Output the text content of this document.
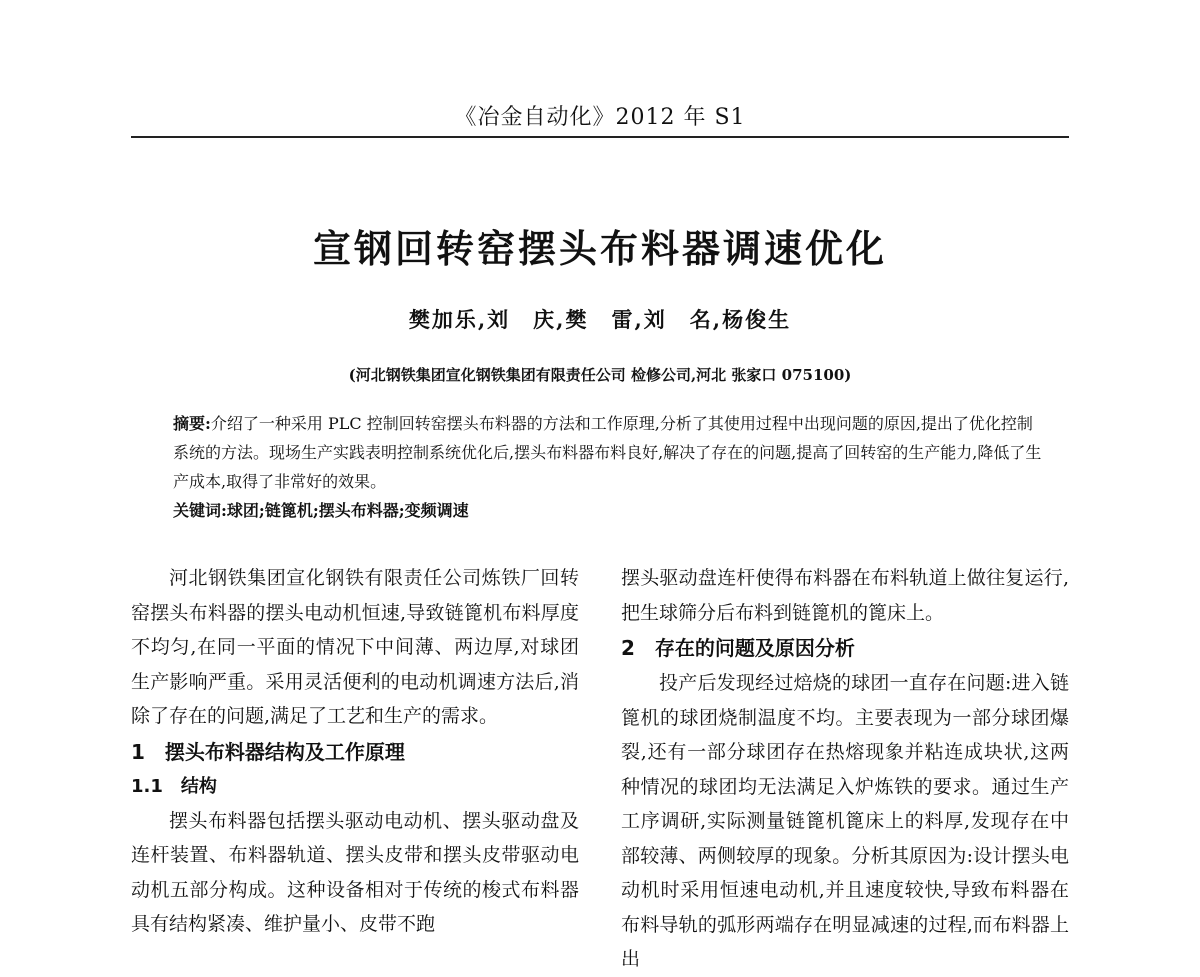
《冶金自动化》2012 年 S1
宣钢回转窑摆头布料器调速优化
樊加乐,刘　庆,樊　雷,刘　名,杨俊生
(河北钢铁集团宣化钢铁集团有限责任公司 检修公司,河北 张家口 075100)

摘要:介绍了一种采用 PLC 控制回转窑摆头布料器的方法和工作原理,分析了其使用过程中出现问题的原因,提出了优化控制系统的方法。现场生产实践表明控制系统优化后,摆头布料器布料良好,解决了存在的问题,提高了回转窑的生产能力,降低了生产成本,取得了非常好的效果。

关键词:球团;链篦机;摆头布料器;变频调速

河北钢铁集团宣化钢铁有限责任公司炼铁厂回转窑摆头布料器的摆头电动机恒速,导致链篦机布料厚度不均匀,在同一平面的情况下中间薄、两边厚,对球团生产影响严重。采用灵活便利的电动机调速方法后,消除了存在的问题,满足了工艺和生产的需求。

1　摆头布料器结构及工作原理
1.1　结构

摆头布料器包括摆头驱动电动机、摆头驱动盘及连杆装置、布料器轨道、摆头皮带和摆头皮带驱动电动机五部分构成。这种设备相对于传统的梭式布料器具有结构紧凑、维护量小、皮带不跑

摆头驱动盘连杆使得布料器在布料轨道上做往复运行,把生球筛分后布料到链篦机的篦床上。

2　存在的问题及原因分析

投产后发现经过焙烧的球团一直存在问题:进入链篦机的球团烧制温度不均。主要表现为一部分球团爆裂,还有一部分球团存在热熔现象并粘连成块状,这两种情况的球团均无法满足入炉炼铁的要求。通过生产工序调研,实际测量链篦机篦床上的料厚,发现存在中部较薄、两侧较厚的现象。分析其原因为:设计摆头电动机时采用恒速电动机,并且速度较快,导致布料器在布料导轨的弧形两端存在明显减速的过程,而布料器上出
